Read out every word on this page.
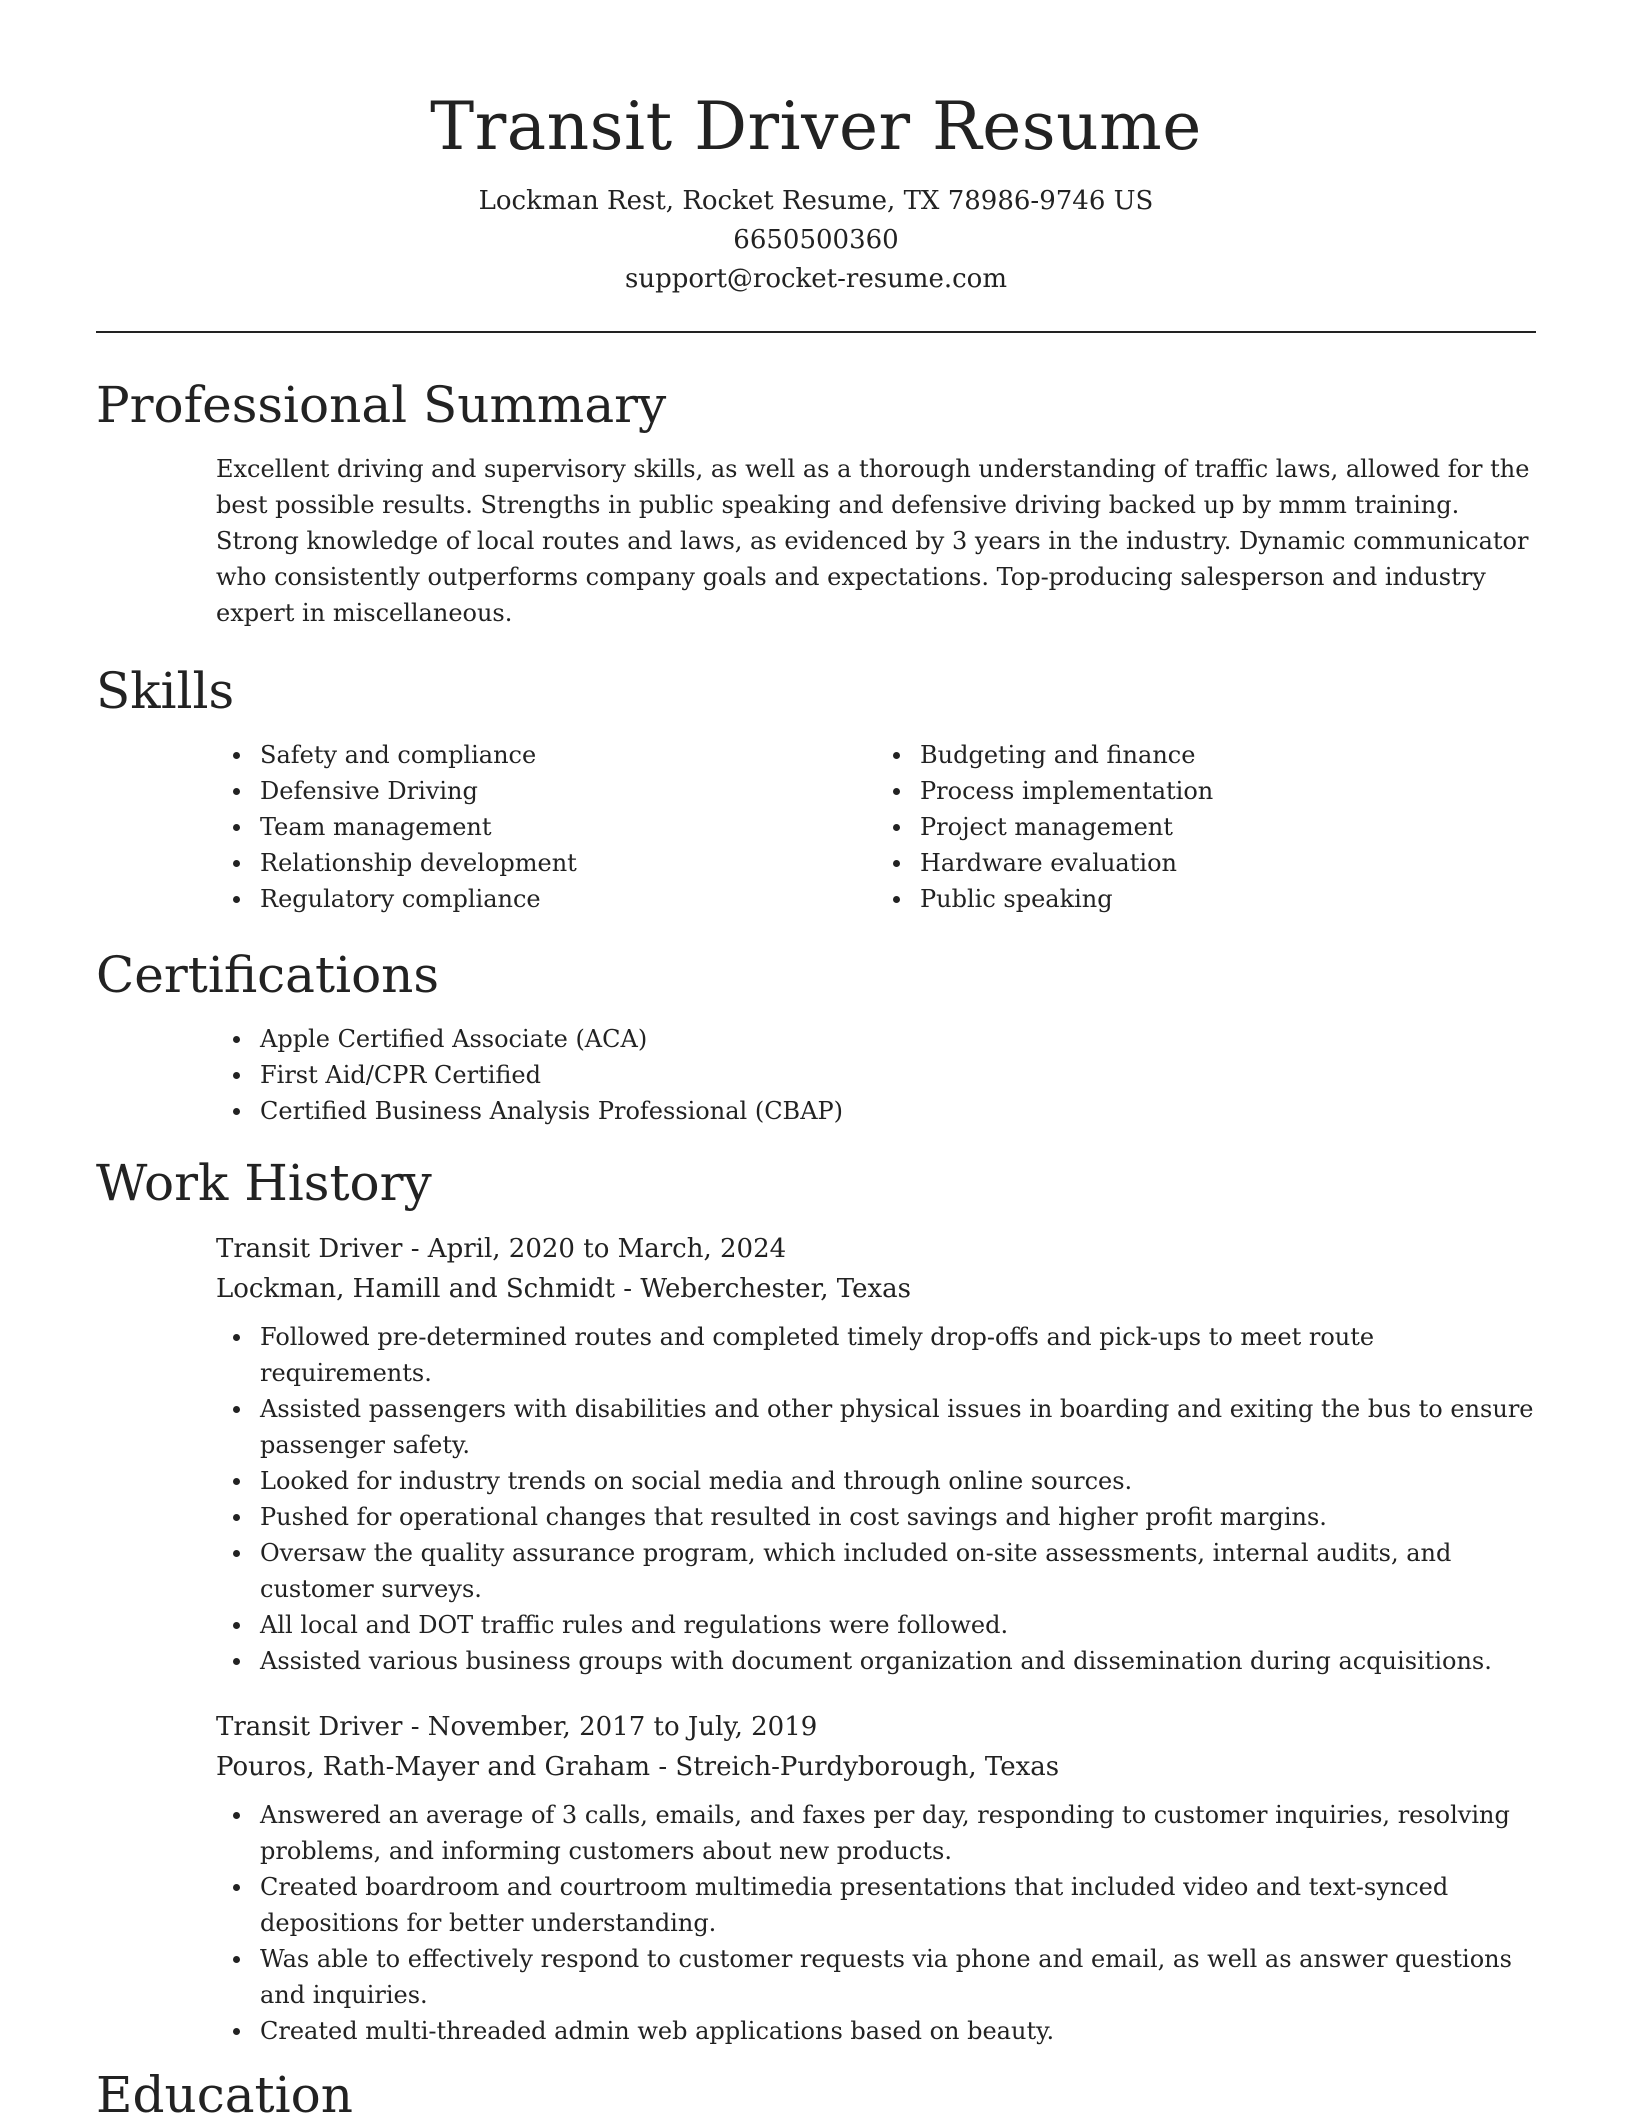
Transit Driver Resume
Lockman Rest, Rocket Resume, TX 78986-9746 US
6650500360
support@rocket-resume.com
Professional Summary

Excellent driving and supervisory skills, as well as a thorough understanding of traffic laws, allowed for the best possible results. Strengths in public speaking and defensive driving backed up by mmm training. Strong knowledge of local routes and laws, as evidenced by 3 years in the industry. Dynamic communicator who consistently outperforms company goals and expectations. Top-producing salesperson and industry expert in miscellaneous.

Skills
Safety and compliance
Defensive Driving
Team management
Relationship development
Regulatory compliance
Budgeting and finance
Process implementation
Project management
Hardware evaluation
Public speaking
Certifications
Apple Certified Associate (ACA)
First Aid/CPR Certified
Certified Business Analysis Professional (CBAP)
Work History
Transit Driver - April, 2020 to March, 2024
Lockman, Hamill and Schmidt - Weberchester, Texas
Followed pre-determined routes and completed timely drop-offs and pick-ups to meet route requirements.
Assisted passengers with disabilities and other physical issues in boarding and exiting the bus to ensure passenger safety.
Looked for industry trends on social media and through online sources.
Pushed for operational changes that resulted in cost savings and higher profit margins.
Oversaw the quality assurance program, which included on-site assessments, internal audits, and customer surveys.
All local and DOT traffic rules and regulations were followed.
Assisted various business groups with document organization and dissemination during acquisitions.
Transit Driver - November, 2017 to July, 2019
Pouros, Rath-Mayer and Graham - Streich-Purdyborough, Texas
Answered an average of 3 calls, emails, and faxes per day, responding to customer inquiries, resolving problems, and informing customers about new products.
Created boardroom and courtroom multimedia presentations that included video and text-synced depositions for better understanding.
Was able to effectively respond to customer requests via phone and email, as well as answer questions and inquiries.
Created multi-threaded admin web applications based on beauty.
Education
